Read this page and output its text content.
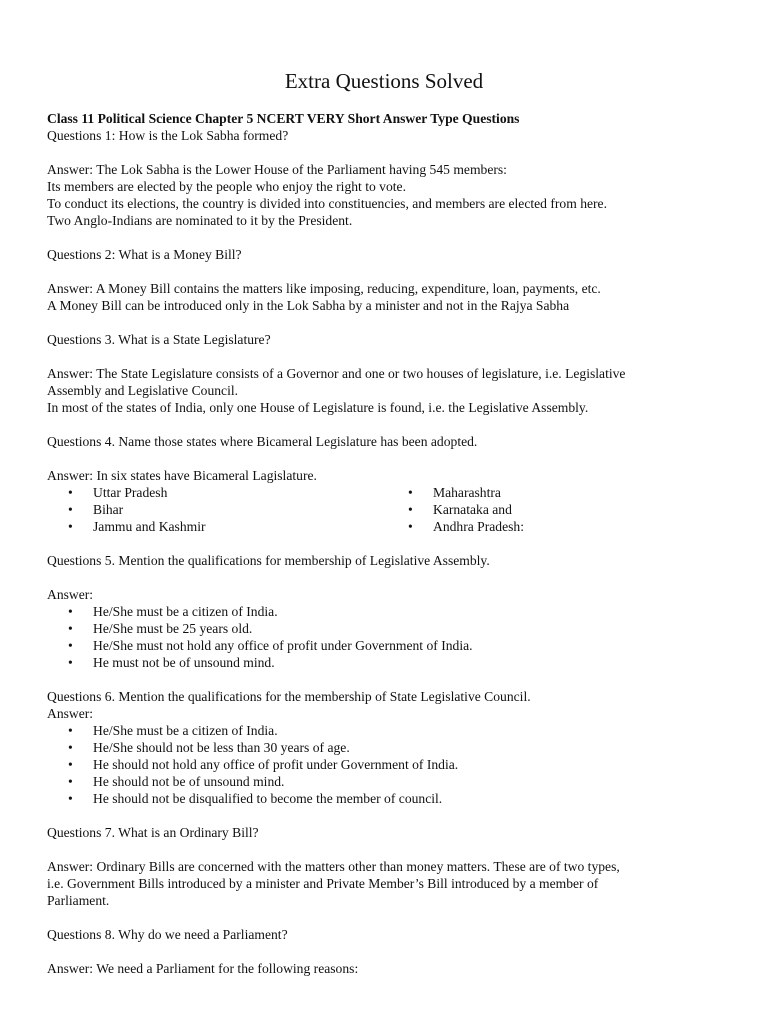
Extra Questions Solved

Class 11 Political Science Chapter 5 NCERT VERY Short Answer Type Questions

Questions 1: How is the Lok Sabha formed?

Answer: The Lok Sabha is the Lower House of the Parliament having 545 members:

Its members are elected by the people who enjoy the right to vote.

To conduct its elections, the country is divided into constituencies, and members are elected from here.

Two Anglo-Indians are nominated to it by the President.

Questions 2: What is a Money Bill?

Answer: A Money Bill contains the matters like imposing, reducing, expenditure, loan, payments, etc.

A Money Bill can be introduced only in the Lok Sabha by a minister and not in the Rajya Sabha

Questions 3. What is a State Legislature?

Answer: The State Legislature consists of a Governor and one or two houses of legislature, i.e. Legislative

Assembly and Legislative Council.

In most of the states of India, only one House of Legislature is found, i.e. the Legislative Assembly.

Questions 4. Name those states where Bicameral Legislature has been adopted.

Answer: In six states have Bicameral Lagislature.

• Uttar Pradesh
• Bihar
• Jammu and Kashmir
• Maharashtra
• Karnataka and
• Andhra Pradesh:

Questions 5. Mention the qualifications for membership of Legislative Assembly.

Answer:

• He/She must be a citizen of India.
• He/She must be 25 years old.
• He/She must not hold any office of profit under Government of India.
• He must not be of unsound mind.

Questions 6. Mention the qualifications for the membership of State Legislative Council.

Answer:

• He/She must be a citizen of India.
• He/She should not be less than 30 years of age.
• He should not hold any office of profit under Government of India.
• He should not be of unsound mind.
• He should not be disqualified to become the member of council.

Questions 7. What is an Ordinary Bill?

Answer: Ordinary Bills are concerned with the matters other than money matters. These are of two types,

i.e. Government Bills introduced by a minister and Private Member’s Bill introduced by a member of

Parliament.

Questions 8. Why do we need a Parliament?

Answer: We need a Parliament for the following reasons:
